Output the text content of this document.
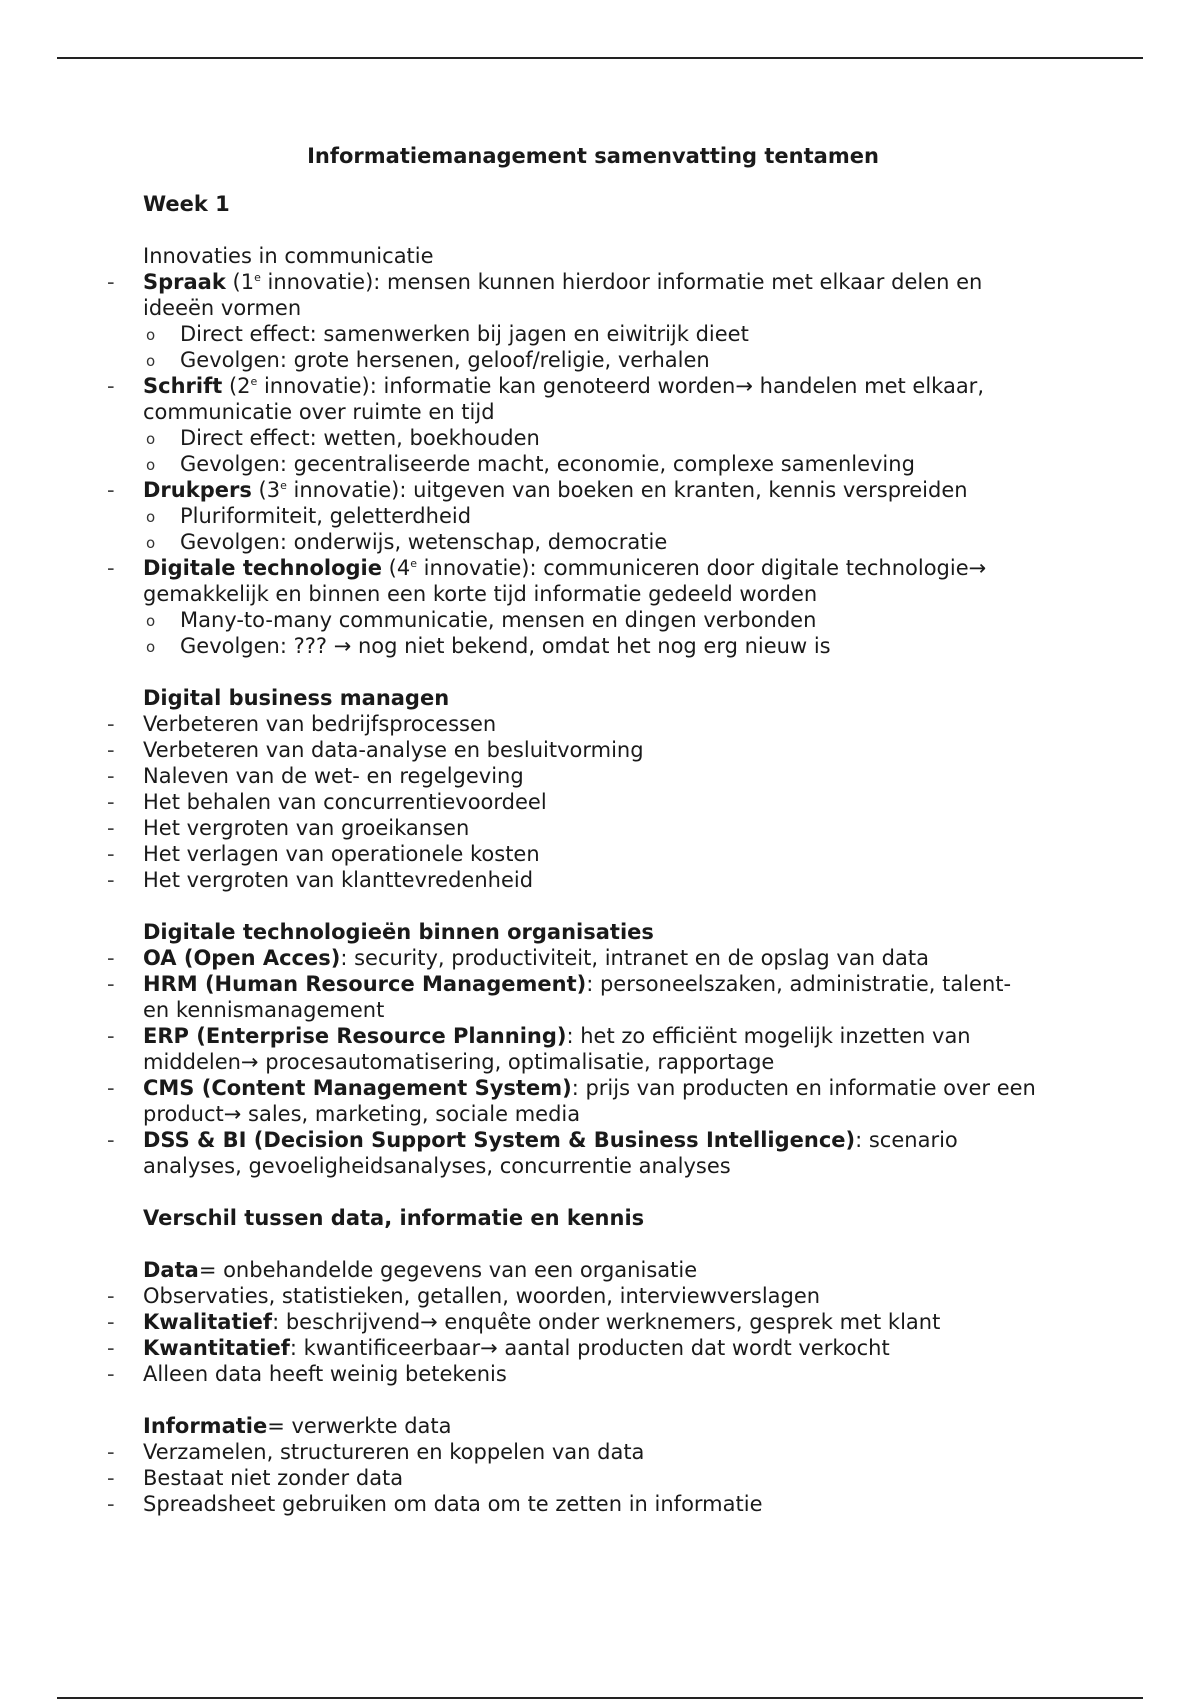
Informatiemanagement samenvatting tentamen

Week 1

Innovaties in communicatie

- Spraak (1e innovatie): mensen kunnen hierdoor informatie met elkaar delen en ideeën vormen
o Direct effect: samenwerken bij jagen en eiwitrijk dieet
o Gevolgen: grote hersenen, geloof/religie, verhalen
- Schrift (2e innovatie): informatie kan genoteerd worden→ handelen met elkaar, communicatie over ruimte en tijd
o Direct effect: wetten, boekhouden
o Gevolgen: gecentraliseerde macht, economie, complexe samenleving
- Drukpers (3e innovatie): uitgeven van boeken en kranten, kennis verspreiden
o Pluriformiteit, geletterdheid
o Gevolgen: onderwijs, wetenschap, democratie
- Digitale technologie (4e innovatie): communiceren door digitale technologie→ gemakkelijk en binnen een korte tijd informatie gedeeld worden
o Many-to-many communicatie, mensen en dingen verbonden
o Gevolgen: ??? → nog niet bekend, omdat het nog erg nieuw is

Digital business managen

- Verbeteren van bedrijfsprocessen
- Verbeteren van data-analyse en besluitvorming
- Naleven van de wet- en regelgeving
- Het behalen van concurrentievoordeel
- Het vergroten van groeikansen
- Het verlagen van operationele kosten
- Het vergroten van klanttevredenheid

Digitale technologieën binnen organisaties

- OA (Open Acces): security, productiviteit, intranet en de opslag van data
- HRM (Human Resource Management): personeelszaken, administratie, talent- en kennismanagement
- ERP (Enterprise Resource Planning): het zo efficiënt mogelijk inzetten van middelen→ procesautomatisering, optimalisatie, rapportage
- CMS (Content Management System): prijs van producten en informatie over een product→ sales, marketing, sociale media
- DSS & BI (Decision Support System & Business Intelligence): scenario analyses, gevoeligheidsanalyses, concurrentie analyses

Verschil tussen data, informatie en kennis

Data= onbehandelde gegevens van een organisatie

- Observaties, statistieken, getallen, woorden, interviewverslagen
- Kwalitatief: beschrijvend→ enquête onder werknemers, gesprek met klant
- Kwantitatief: kwantificeerbaar→ aantal producten dat wordt verkocht
- Alleen data heeft weinig betekenis

Informatie= verwerkte data

- Verzamelen, structureren en koppelen van data
- Bestaat niet zonder data
- Spreadsheet gebruiken om data om te zetten in informatie
